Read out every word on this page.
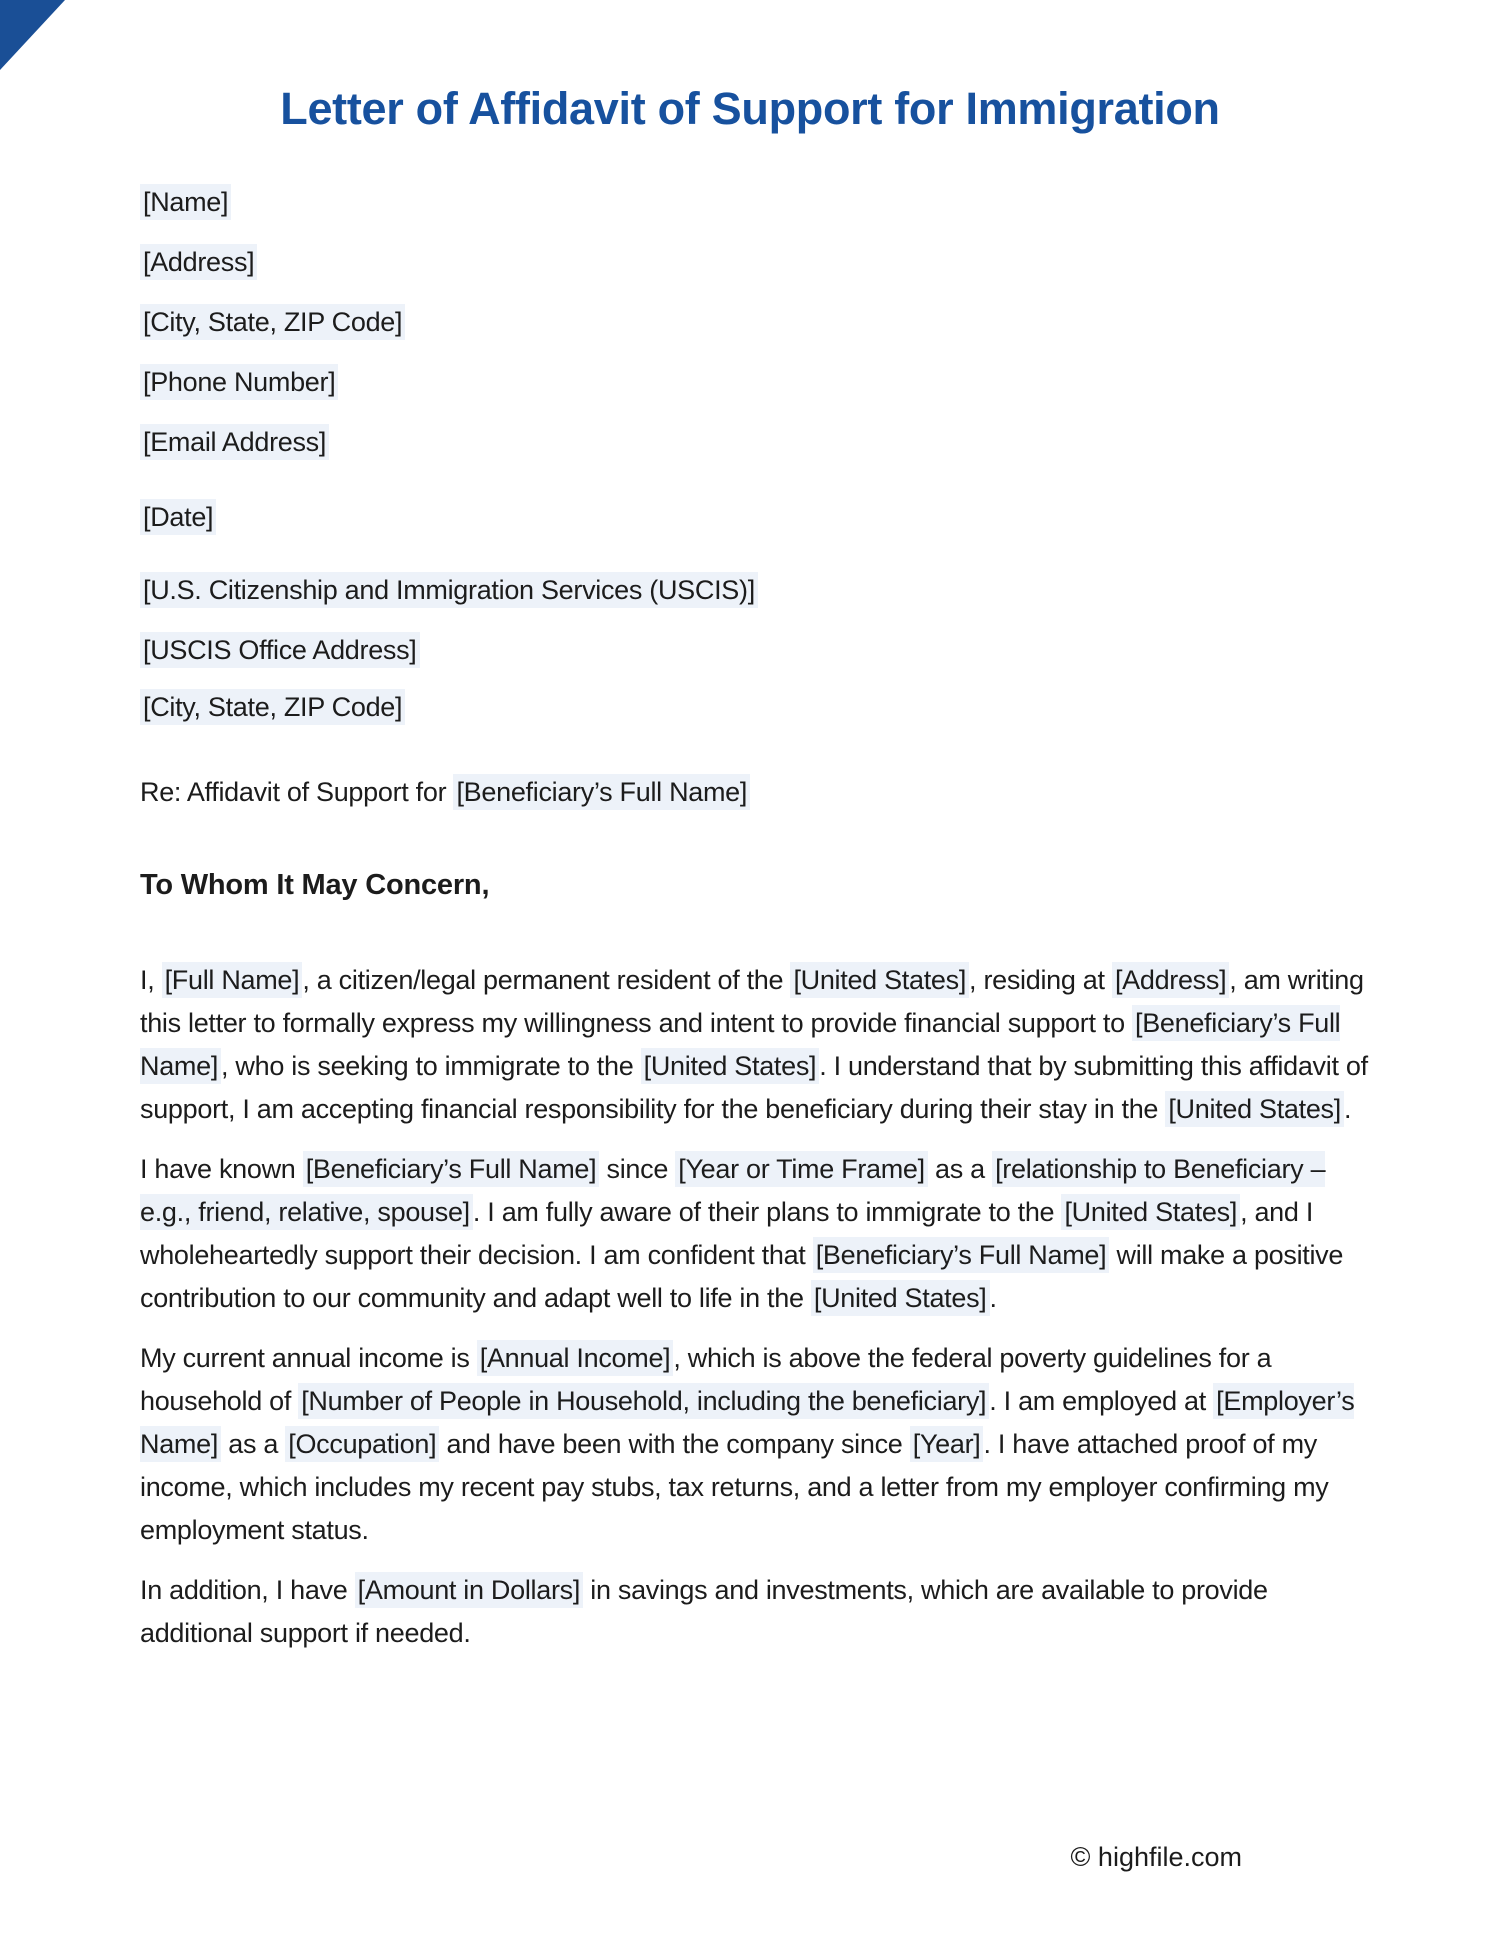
Letter of Affidavit of Support for Immigration

[Name]

[Address]

[City, State, ZIP Code]

[Phone Number]

[Email Address]

[Date]

[U.S. Citizenship and Immigration Services (USCIS)]

[USCIS Office Address]

[City, State, ZIP Code]

Re: Affidavit of Support for [Beneficiary’s Full Name]

To Whom It May Concern,

I, [Full Name] , a citizen/legal permanent resident of the [United States] , residing at [Address] , am writing this letter to formally express my willingness and intent to provide financial support to [Beneficiary’s Full Name] , who is seeking to immigrate to the [United States] . I understand that by submitting this affidavit of support, I am accepting financial responsibility for the beneficiary during their stay in the [United States] .

I have known [Beneficiary’s Full Name] since [Year or Time Frame] as a [relationship to Beneficiary – e.g., friend, relative, spouse] . I am fully aware of their plans to immigrate to the [United States] , and I wholeheartedly support their decision. I am confident that [Beneficiary’s Full Name] will make a positive contribution to our community and adapt well to life in the [United States] .

My current annual income is [Annual Income] , which is above the federal poverty guidelines for a household of [Number of People in Household, including the beneficiary] . I am employed at [Employer’s Name] as a [Occupation] and have been with the company since [Year] . I have attached proof of my income, which includes my recent pay stubs, tax returns, and a letter from my employer confirming my employment status.

In addition, I have [Amount in Dollars] in savings and investments, which are available to provide additional support if needed.

© highfile.com
